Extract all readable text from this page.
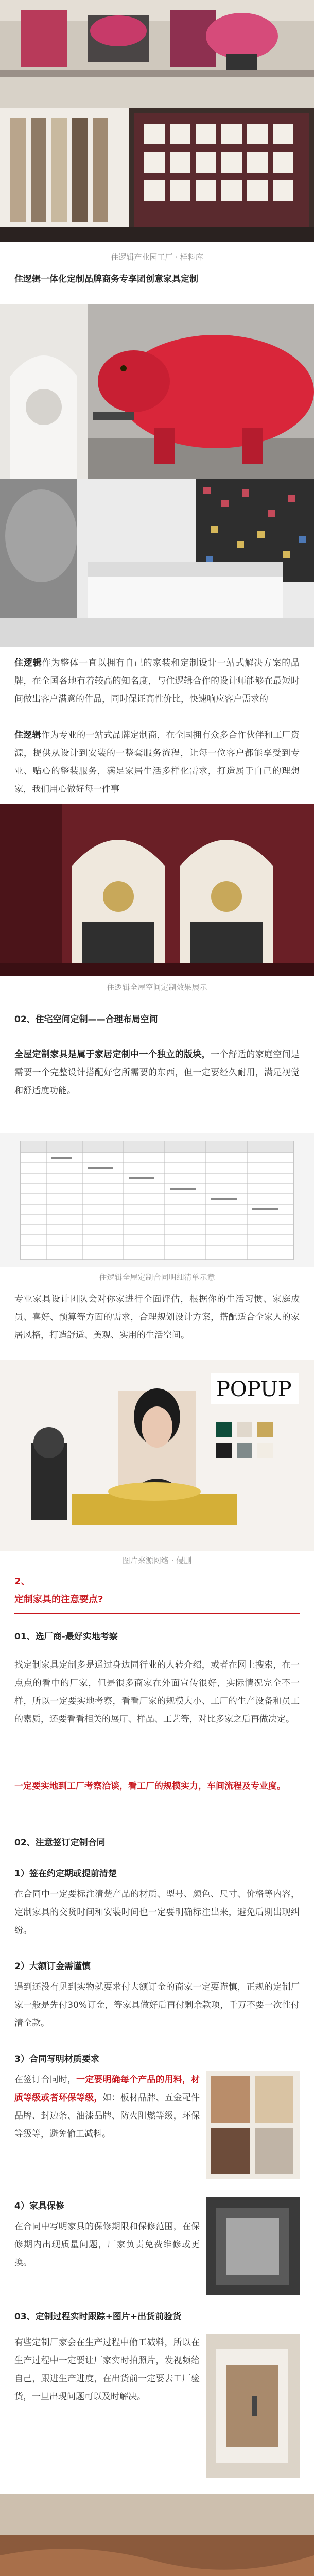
住逻辑产业园工厂 · 样料库
住逻辑一体化定制品牌商务专享团创意家具定制
住逻辑作为整体一直以拥有自己的家装和定制设计一站式解决方案的品牌，在全国各地有着较高的知名度，与住逻辑合作的设计师能够在最短时间做出客户满意的作品，同时保证高性价比，快速响应客户需求的
住逻辑作为专业的一站式品牌定制商，在全国拥有众多合作伙伴和工厂资源，提供从设计到安装的一整套服务流程，让每一位客户都能享受到专业、贴心的整装服务，满足家居生活多样化需求，打造属于自己的理想家，我们用心做好每一件事
住逻辑全屋空间定制效果展示
02、住宅空间定制——合理布局空间
全屋定制家具是属于家居定制中一个独立的版块，一个舒适的家庭空间是需要一个完整设计搭配好它所需要的东西，但一定要经久耐用，满足视觉和舒适度功能。
住逻辑全屋定制合同明细清单示意
专业家具设计团队会对你家进行全面评估，根据你的生活习惯、家庭成员、喜好、预算等方面的需求，合理规划设计方案，搭配适合全家人的家居风格，打造舒适、美观、实用的生活空间。
POPUP
图片来源网络 · 侵删
2、
定制家具的注意要点?
01、选厂商-最好实地考察
找定制家具定制多是通过身边同行业的人转介绍，或者在网上搜索，在一点点的看中的厂家，但是很多商家在外面宣传很好，实际情况完全不一样，所以一定要实地考察，看看厂家的规模大小、工厂的生产设备和员工的素质，还要看看相关的展厅、样品、工艺等，对比多家之后再做决定。
一定要实地到工厂考察洽谈，看工厂的规模实力，车间流程及专业度。
02、注意签订定制合同
1）签在约定期或提前清楚
在合同中一定要标注清楚产品的材质、型号、颜色、尺寸、价格等内容，定制家具的交货时间和安装时间也一定要明确标注出来，避免后期出现纠纷。
2）大额订金需谨慎
遇到还没有见到实物就要求付大额订金的商家一定要谨慎，正规的定制厂家一般是先付30%订金，等家具做好后再付剩余款项，千万不要一次性付清全款。
3）合同写明材质要求
在签订合同时，一定要明确每个产品的用料，材质等级或者环保等级，如：板材品牌、五金配件品牌、封边条、油漆品牌、防火阻燃等级，环保等级等，避免偷工减料。
4）家具保修
在合同中写明家具的保修期限和保修范围，在保修期内出现质量问题，厂家负责免费维修或更换。
03、定制过程实时跟踪+图片+出货前验货
有些定制厂家会在生产过程中偷工减料，所以在生产过程中一定要让厂家实时拍照片，发视频给自己，跟进生产进度，在出货前一定要去工厂验货，一旦出现问题可以及时解决。
